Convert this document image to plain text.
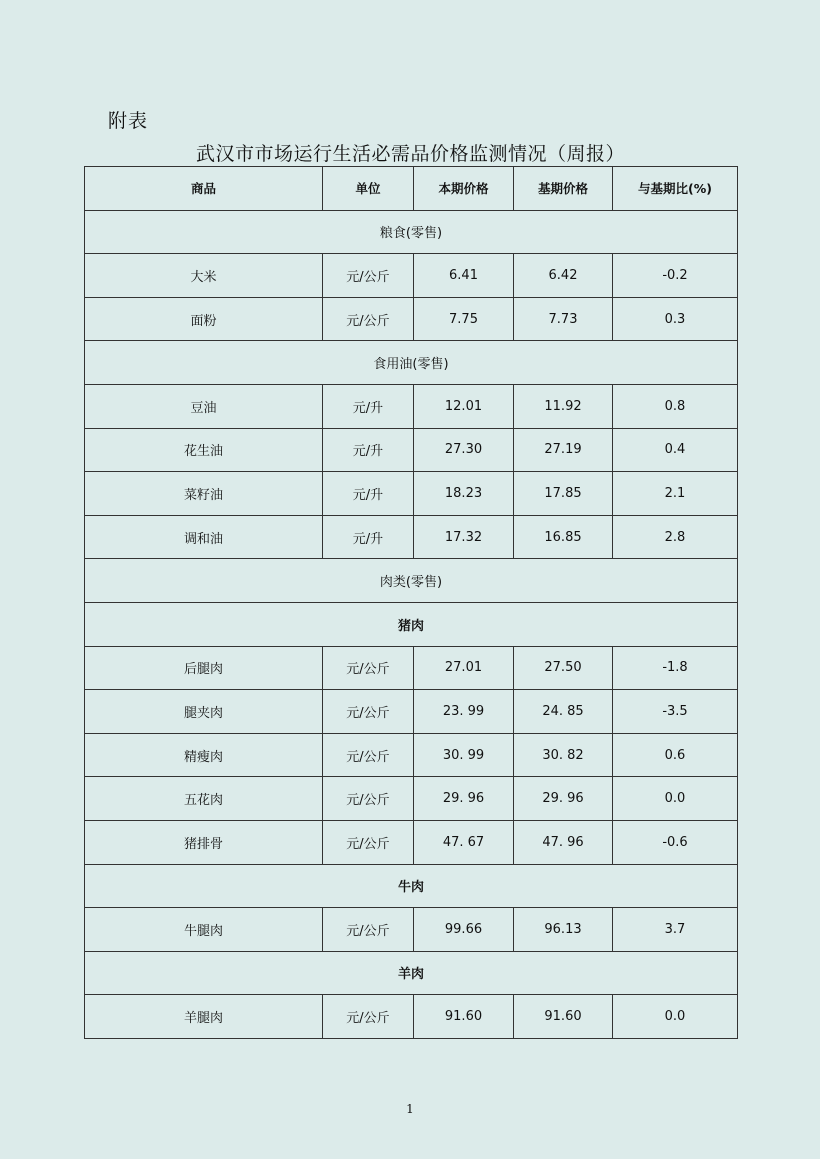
附表
武汉市市场运行生活必需品价格监测情况（周报）
商品	单位	本期价格	基期价格	与基期比(%)
粮食(零售)				
大米	元/公斤	6.41	6.42	-0.2
面粉	元/公斤	7.75	7.73	0.3
食用油(零售)				
豆油	元/升	12.01	11.92	0.8
花生油	元/升	27.30	27.19	0.4
菜籽油	元/升	18.23	17.85	2.1
调和油	元/升	17.32	16.85	2.8
肉类(零售)				
猪肉				
后腿肉	元/公斤	27.01	27.50	-1.8
腿夹肉	元/公斤	23. 99	24. 85	-3.5
精瘦肉	元/公斤	30. 99	30. 82	0.6
五花肉	元/公斤	29. 96	29. 96	0.0
猪排骨	元/公斤	47. 67	47. 96	-0.6
牛肉				
牛腿肉	元/公斤	99.66	96.13	3.7
羊肉				
羊腿肉	元/公斤	91.60	91.60	0.0
1
